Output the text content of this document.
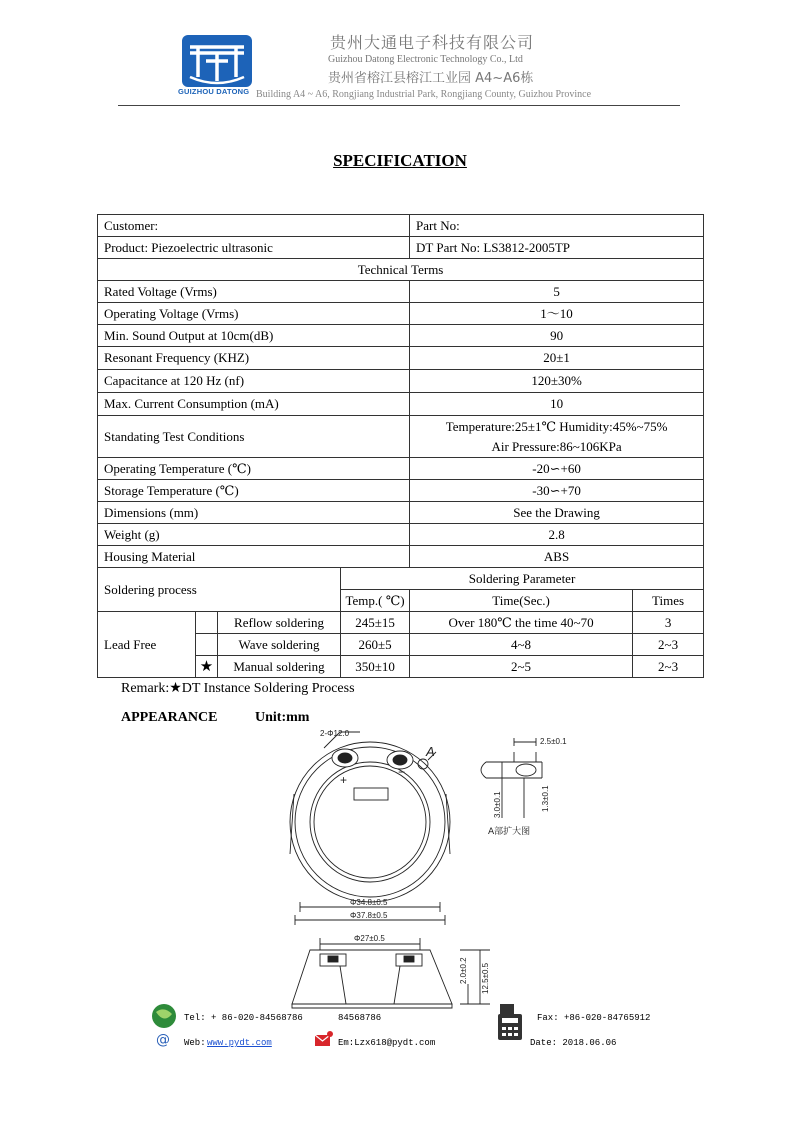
GUIZHOU DATONG
®
贵州大通电子科技有限公司
Guizhou Datong Electronic Technology Co., Ltd
贵州省榕江县榕江工业园 A4~A6栋
Building A4 ~ A6, Rongjiang Industrial Park, Rongjiang County, Guizhou Province
SPECIFICATION
Customer:				Part No:	
Product: Piezoelectric ultrasonic				DT Part No: LS3812-2005TP	
Technical Terms					
Rated Voltage (Vrms)				5	
Operating Voltage (Vrms)				1～10	
Min. Sound Output at 10cm(dB)				90	
Resonant Frequency (KHZ)				20±1	
Capacitance at 120 Hz (nf)				120±30%	
Max. Current Consumption (mA)				10	
Standating Test Conditions				Temperature:25±1℃ Humidity:45%~75%
Air Pressure:86~106KPa	

Operating Temperature (℃)				-20∽+60	
Storage Temperature (℃)				-30∽+70	
Dimensions (mm)				See the Drawing	
Weight (g)				2.8	
Housing Material				ABS	
Soldering process			Soldering Parameter		
			Temp.( ℃)	Time(Sec.)	Times
Lead Free		Reflow soldering	245±15	Over 180℃ the time 40~70	3
		Wave soldering	260±5	4~8	2~3
	★	Manual soldering	350±10	2~5	2~3
Remark:★DT Instance Soldering Process
APPEARANCE	Unit:mm
+
−
A
2-Φ12.0
Φ34.8±0.5
Φ37.8±0.5
2.5±0.1
3.0±0.1	1.3±0.1
A部扩大图
Φ27±0.5
2.0±0.2 12.5±0.5
@
Tel: + 86-020-84568786	84568786	Fax: +86-020-84765912
Web: www.pydt.com	Em:Lzx618@pydt.com	Date: 2018.06.06
